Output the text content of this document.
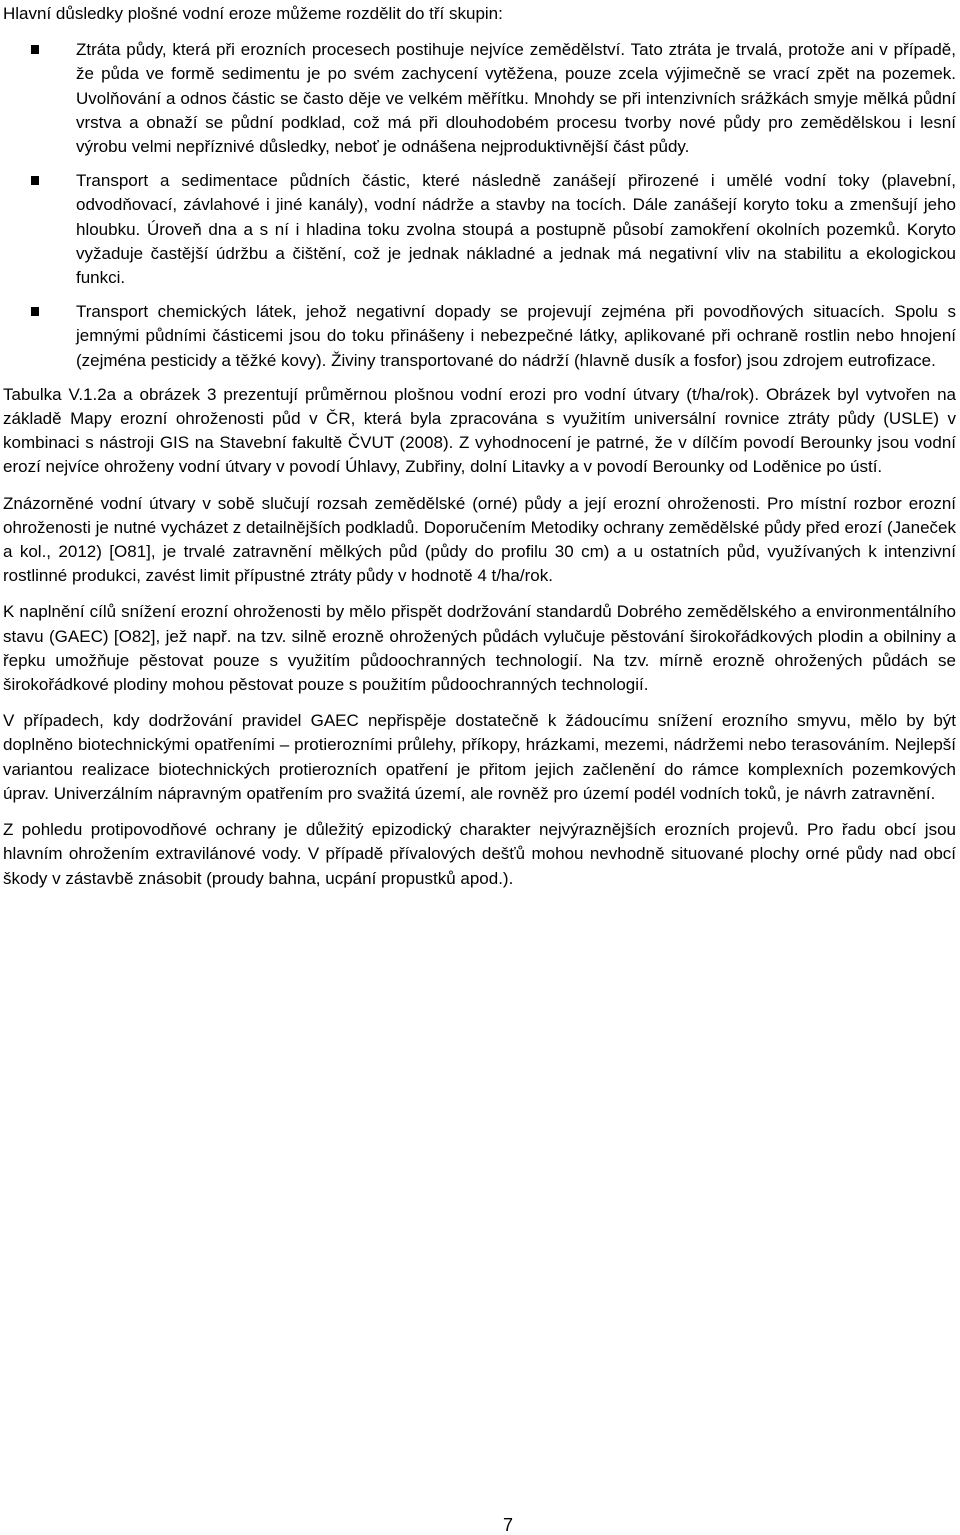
Hlavní důsledky plošné vodní eroze můžeme rozdělit do tří skupin:

Ztráta půdy, která při erozních procesech postihuje nejvíce zemědělství. Tato ztráta je trvalá, protože ani v případě, že půda ve formě sedimentu je po svém zachycení vytěžena, pouze zcela výjimečně se vrací zpět na pozemek. Uvolňování a odnos částic se často děje ve velkém měřítku. Mnohdy se při intenzivních srážkách smyje mělká půdní vrstva a obnaží se půdní podklad, což má při dlouhodobém procesu tvorby nové půdy pro zemědělskou i lesní výrobu velmi nepříznivé důsledky, neboť je odnášena nejproduktivnější část půdy.

Transport a sedimentace půdních částic, které následně zanášejí přirozené i umělé vodní toky (plavební, odvodňovací, závlahové i jiné kanály), vodní nádrže a stavby na tocích. Dále zanášejí koryto toku a zmenšují jeho hloubku. Úroveň dna a s ní i hladina toku zvolna stoupá a postupně působí zamokření okolních pozemků. Koryto vyžaduje častější údržbu a čištění, což je jednak nákladné a jednak má negativní vliv na stabilitu a ekologickou funkci.

Transport chemických látek, jehož negativní dopady se projevují zejména při povodňových situacích. Spolu s jemnými půdními částicemi jsou do toku přinášeny i nebezpečné látky, aplikované při ochraně rostlin nebo hnojení (zejména pesticidy a těžké kovy). Živiny transportované do nádrží (hlavně dusík a fosfor) jsou zdrojem eutrofizace.

Tabulka V.1.2a a obrázek 3 prezentují průměrnou plošnou vodní erozi pro vodní útvary (t/ha/rok). Obrázek byl vytvořen na základě Mapy erozní ohroženosti půd v ČR, která byla zpracována s využitím universální rovnice ztráty půdy (USLE) v kombinaci s nástroji GIS na Stavební fakultě ČVUT (2008). Z vyhodnocení je patrné, že v dílčím povodí Berounky jsou vodní erozí nejvíce ohroženy vodní útvary v povodí Úhlavy, Zubřiny, dolní Litavky a v povodí Berounky od Loděnice po ústí.

Znázorněné vodní útvary v sobě slučují rozsah zemědělské (orné) půdy a její erozní ohroženosti. Pro místní rozbor erozní ohroženosti je nutné vycházet z detailnějších podkladů. Doporučením Metodiky ochrany zemědělské půdy před erozí (Janeček a kol., 2012) [O81], je trvalé zatravnění mělkých půd (půdy do profilu 30 cm) a u ostatních půd, využívaných k intenzivní rostlinné produkci, zavést limit přípustné ztráty půdy v hodnotě 4 t/ha/rok.

K naplnění cílů snížení erozní ohroženosti by mělo přispět dodržování standardů Dobrého zemědělského a environmentálního stavu (GAEC) [O82], jež např. na tzv. silně erozně ohrožených půdách vylučuje pěstování širokořádkových plodin a obilniny a řepku umožňuje pěstovat pouze s využitím půdoochranných technologií. Na tzv. mírně erozně ohrožených půdách se širokořádkové plodiny mohou pěstovat pouze s použitím půdoochranných technologií.

V případech, kdy dodržování pravidel GAEC nepřispěje dostatečně k žádoucímu snížení erozního smyvu, mělo by být doplněno biotechnickými opatřeními – protierozními průlehy, příkopy, hrázkami, mezemi, nádržemi nebo terasováním. Nejlepší variantou realizace biotechnických protierozních opatření je přitom jejich začlenění do rámce komplexních pozemkových úprav. Univerzálním nápravným opatřením pro svažitá území, ale rovněž pro území podél vodních toků, je návrh zatravnění.

Z pohledu protipovodňové ochrany je důležitý epizodický charakter nejvýraznějších erozních projevů. Pro řadu obcí jsou hlavním ohrožením extravilánové vody. V případě přívalových dešťů mohou nevhodně situované plochy orné půdy nad obcí škody v zástavbě znásobit (proudy bahna, ucpání propustků apod.).

7
